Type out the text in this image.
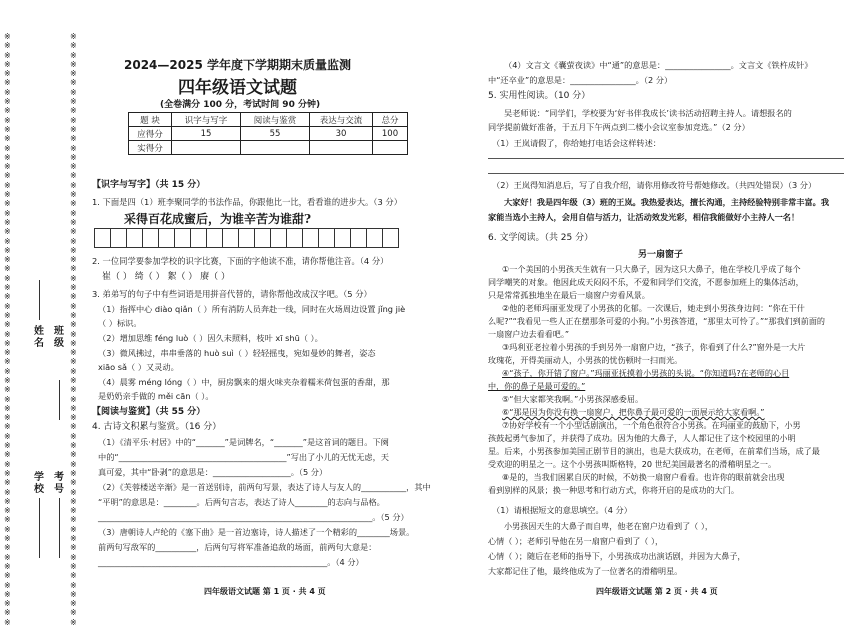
※
※
※
※
※
※
※
※
※
※
※
※
※
※
※
※
※
※
※
※
※
※
※
※
※
※
※
※
※
※
※
※
※
※
※
※
※
※
※
※
※
※
※
※
※
※
※
※
※
※
※
※
※
※
※
※
※
※
※
※
※
※
※
※
※
※
※
※
※
※
※
※
※
※
※
※
※
※
※
※
※
※
※
※
※
※
※
※
※
※
※
※
※
※
※
※
※
※
※
※
※
※
※
※
※
※
※
※
※
※
※
※
※
※
※
※
※
※
※
※
※
※
※
※
※
※
※
※
姓名
班级
学校
考号
2024—2025 学年度下学期期末质量监测
四年级语文试题
(全卷满分 100 分，考试时间 90 分钟)
题 块	识字与写字	阅读与鉴赏	表达与交流	总分
应得分	15	55	30	100
实得分				
【识字与写字】（共 15 分）
1. 下面是四（1）班李聚同学的书法作品，你跟他比一比，看看谁的进步大。（3 分）
采得百花成蜜后，为谁辛苦为谁甜?
2. 一位同学要参加学校的识字比赛，下面的字他读不准，请你帮他注音。（4 分）
崔（ ） 绮（ ） 絮（ ） 赓（ ）
3. 弟弟写的句子中有些词语是用拼音代替的，请你帮他改成汉字吧。（5 分）
（1）指挥中心 diào qiǎn（ ）所有消防人员奔赴一线，同时在火场周边设置 jǐng jiè
（ ）标识。
（2）增加思维 féng luò（ ）因久未照料，枝叶 xī shū（ ）。
（3）微风拂过，串串垂落的 huò suì（ ）轻轻摇曳，宛如曼妙的舞者，姿态
xiāo sǎ（ ）又灵动。
（4）晨雾 méng lóng（ ）中，厨房飘来的烟火味夹杂着糯米荷包蛋的香甜，那
是奶奶亲手做的 měi cān（ ）。
【阅读与鉴赏】（共 55 分）
4. 古诗文积累与鉴赏。（16 分）
（1）《清平乐·村居》中的“_______”是词牌名，“_______”是这首词的题目。下阕
中的“_________________________________________”写出了小儿的无忧无虑，天
真可爱，其中“卧剥”的意思是：___________________。（5 分）
（2）《芙蓉楼送辛渐》是一首送别诗，前两句写景，表达了诗人与友人的___________，其中
“平明”的意思是：________。后两句言志，表达了诗人________的志向与品格。
___________________________________________________________________。（5 分）
（3）唐朝诗人卢纶的《塞下曲》是一首边塞诗，诗人描述了一个精彩的________场景。
前两句写敌军的__________，后两句写将军准备追敌的场面，前两句大意是：
________________________________________________________。（4 分）
四年级语文试题 第 1 页 · 共 4 页
（4）文言文《囊萤夜读》中“通”的意思是：________________。文言文《铁杵成针》
中“还卒业”的意思是：________________。（2 分）
5. 实用性阅读。（10 分）
吴老师说：“同学们，学校要为‘好书伴我成长’读书活动招聘主持人。请想报名的
同学提前做好准备，于五月下午两点到二楼小会议室参加竞选。”（2 分）
（1）王岚请假了，你给她打电话会这样转述：
（2）王岚得知消息后，写了自我介绍，请你用修改符号帮她修改。（共四处错误）（3 分）
大家好！我是四年级（3）班的王岚。我热爱表达，擅长沟通，主持经验特别非常丰富。我
家能当选小主持人，会用自信与活力，让活动效发光彩，相信我能做好小主持人一名！
6. 文学阅读。（共 25 分）
另一扇窗子
①一个美国的小男孩天生就有一只大鼻子，因为这只大鼻子，他在学校几乎成了每个
同学嘲笑的对象。他因此成天闷闷不乐，不爱和同学们交流，不愿参加班上的集体活动，
只是常常孤独地坐在最后一扇窗户旁看风景。
②他的老师玛丽亚发现了小男孩的化郁。一次课后，她走到小男孩身边问：“你在干什
么呢?”“我看见一些人正在摆那条可爱的小狗。”小男孩答道，“那里太可怜了。”“那我们到前面的
一扇窗户边去看看吧。”
③玛利亚老拉着小男孩的手到另外一扇窗户边，“孩子，你看到了什么?”窗外是一大片
玫瑰花，开得美丽动人，小男孩的忧伤顿时一扫而光。
④“孩子，你开错了窗户。”玛丽亚抚摸着小男孩的头说。“你知道吗?在老师的心目
中，你的鼻子是最可爱的。”
⑤“但大家都笑我啊。”小男孩深感委屈。
⑥“那是因为你没有换一扇窗户，把你鼻子最可爱的一面展示给大家看啊。”
⑦协好学校有一个小型话剧演出，一个角色很符合小男孩。在玛丽亚的鼓励下，小男
孩鼓起勇气参加了，并获得了成功。因为他的大鼻子，人人都记住了这个校园里的小明
星。后来，小男孩参加美国正剧节目的演出，也是大获成功，在老师，在前辈们当场，成了最
受欢迎的明星之一。这个小男孩叫斯格特，20 世纪美国最著名的滑稽明星之一。
⑧是的，当我们困累自厌的时候，不妨换一扇窗户看看。也许你的眼前就会出现
看到别样的风景；换一种思考和行动方式，你将开启的是成功的大门。
（1）请根据短文的意思填空。（4 分）
小男孩因天生的大鼻子而自卑，他老在窗户边看到了（ ），
心情（ ）；老师引导他在另一扇窗户看到了（ ），
心情（ ）；随后在老师的指导下，小男孩成功出演话剧，并因为大鼻子，
大家都记住了他，最终他成为了一位著名的滑稽明星。
四年级语文试题 第 2 页 · 共 4 页
